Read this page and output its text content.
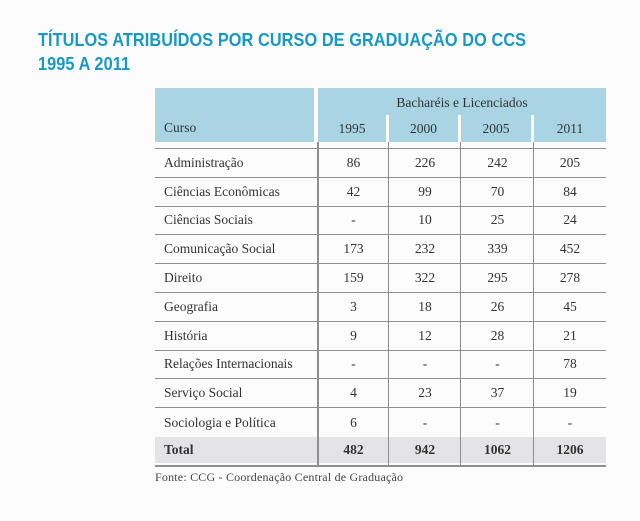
TÍTULOS ATRIBUÍDOS POR CURSO DE GRADUAÇÃO DO CCS
1995 A 2011
Curso
Bacharéis e Licenciados
1995	2000	2005	2011
Administração	86	226	242	205
Ciências Econômicas	42	99	70	84
Ciências Sociais	-	10	25	24
Comunicação Social	173	232	339	452
Direito	159	322	295	278
Geografia	3	18	26	45
História	9	12	28	21
Relações Internacionais	-	-	-	78
Serviço Social	4	23	37	19
Sociologia e Política	6	-	-	-
Total	482	942	1062	1206
Fonte: CCG - Coordenação Central de Graduação
